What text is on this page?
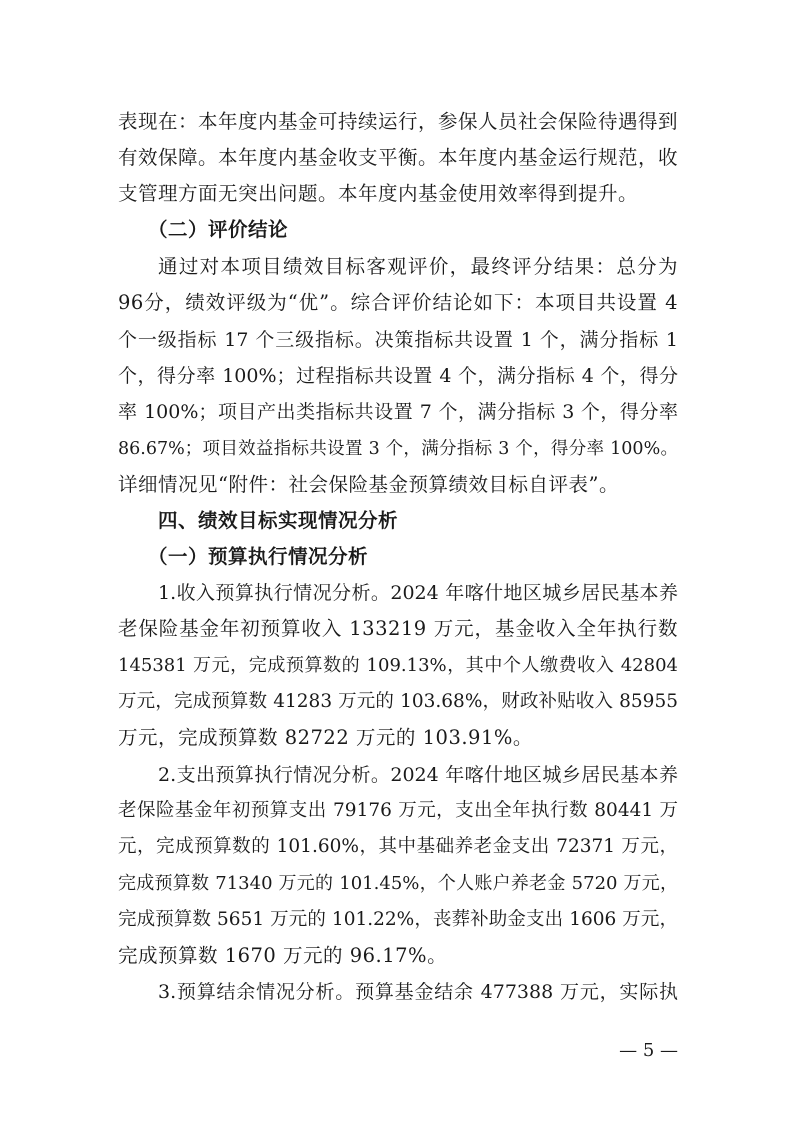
表现在：本年度内基金可持续运行，参保人员社会保险待遇得到
有效保障。本年度内基金收支平衡。本年度内基金运行规范，收
支管理方面无突出问题。本年度内基金使用效率得到提升。
（二）评价结论
通过对本项目绩效目标客观评价，最终评分结果：总分为
96分，绩效评级为“优”。综合评价结论如下：本项目共设置 4
个一级指标 17 个三级指标。决策指标共设置 1 个，满分指标 1
个，得分率 100%；过程指标共设置 4 个，满分指标 4 个，得分
率 100%；项目产出类指标共设置 7 个，满分指标 3 个，得分率
86.67%；项目效益指标共设置 3 个，满分指标 3 个，得分率 100%。
详细情况见“附件：社会保险基金预算绩效目标自评表”。
四、绩效目标实现情况分析
（一）预算执行情况分析
1.收入预算执行情况分析。2024 年喀什地区城乡居民基本养
老保险基金年初预算收入 133219 万元，基金收入全年执行数
145381 万元，完成预算数的 109.13%，其中个人缴费收入 42804
万元，完成预算数 41283 万元的 103.68%，财政补贴收入 85955
万元，完成预算数 82722 万元的 103.91%。
2.支出预算执行情况分析。2024 年喀什地区城乡居民基本养
老保险基金年初预算支出 79176 万元，支出全年执行数 80441 万
元，完成预算数的 101.60%，其中基础养老金支出 72371 万元，
完成预算数 71340 万元的 101.45%，个人账户养老金 5720 万元，
完成预算数 5651 万元的 101.22%，丧葬补助金支出 1606 万元，
完成预算数 1670 万元的 96.17%。
3.预算结余情况分析。预算基金结余 477388 万元，实际执
— 5 —
